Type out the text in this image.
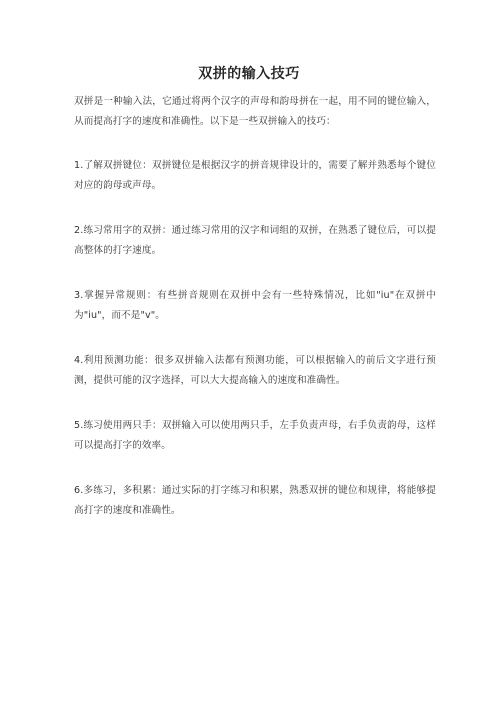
双拼的输入技巧

双拼是一种输入法，它通过将两个汉字的声母和韵母拼在一起，用不同的键位输入，从而提高打字的速度和准确性。以下是一些双拼输入的技巧：

1.了解双拼键位：双拼键位是根据汉字的拼音规律设计的，需要了解并熟悉每个键位对应的韵母或声母。
2.练习常用字的双拼：通过练习常用的汉字和词组的双拼，在熟悉了键位后，可以提高整体的打字速度。
3.掌握异常规则：有些拼音规则在双拼中会有一些特殊情况，比如"iu"在双拼中为"iu"，而不是"v"。
4.利用预测功能：很多双拼输入法都有预测功能，可以根据输入的前后文字进行预测，提供可能的汉字选择，可以大大提高输入的速度和准确性。
5.练习使用两只手：双拼输入可以使用两只手，左手负责声母，右手负责韵母，这样可以提高打字的效率。
6.多练习，多积累：通过实际的打字练习和积累，熟悉双拼的键位和规律，将能够提高打字的速度和准确性。
